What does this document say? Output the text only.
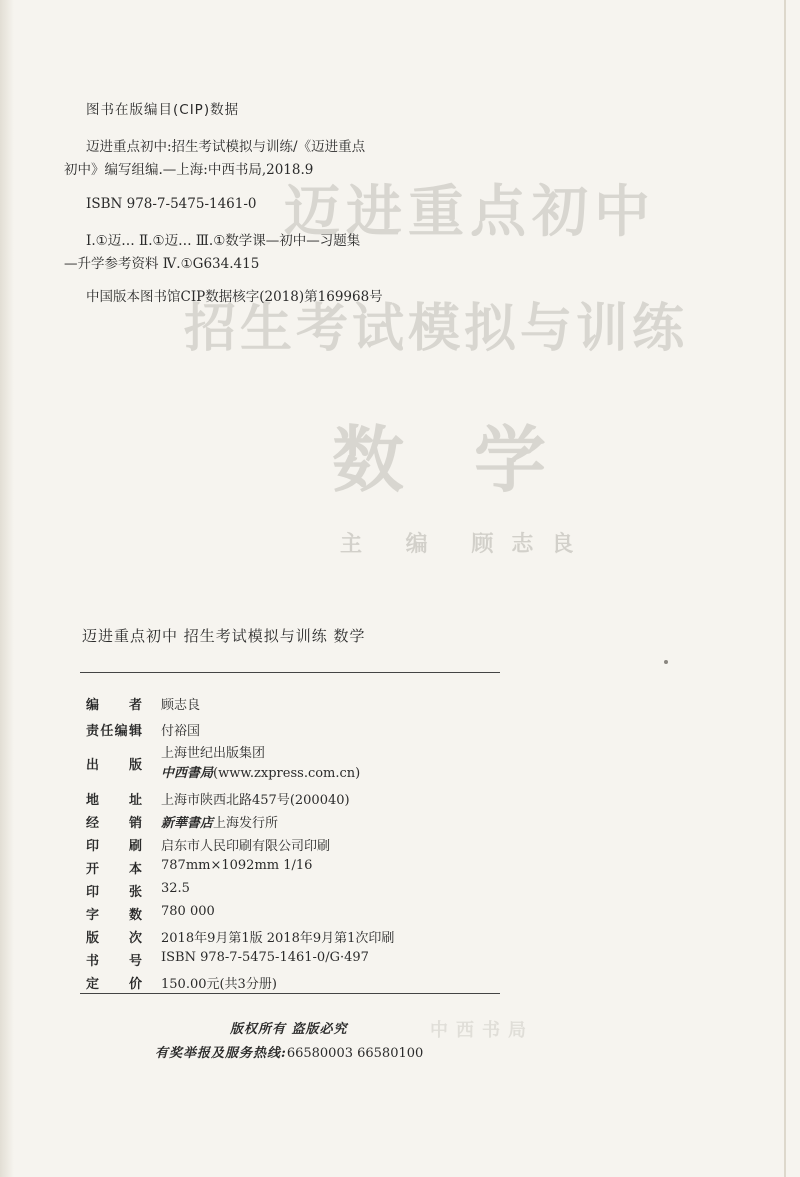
迈进重点初中
招生考试模拟与训练
数学
主 编 顾志良
中西书局
图书在版编目(CIP)数据
迈进重点初中:招生考试模拟与训练/《迈进重点
初中》编写组编.—上海:中西书局,2018.9
ISBN 978-7-5475-1461-0
Ⅰ.①迈… Ⅱ.①迈… Ⅲ.①数学课—初中—习题集
—升学参考资料 Ⅳ.①G634.415
中国版本图书馆CIP数据核字(2018)第169968号
迈进重点初中 招生考试模拟与训练 数学
编 者 顾志良
责 任 编 辑 付裕国
出 版
上海世纪出版集团
中西書局(www.zxpress.com.cn)
地 址 上海市陕西北路457号(200040)
经 销 新華書店上海发行所
印 刷 启东市人民印刷有限公司印刷
开 本 787mm×1092mm 1/16
印 张 32.5
字 数 780 000
版 次 2018年9月第1版 2018年9月第1次印刷
书 号 ISBN 978-7-5475-1461-0/G·497
定 价 150.00元(共3分册)
版权所有 盗版必究
有奖举报及服务热线:66580003 66580100
